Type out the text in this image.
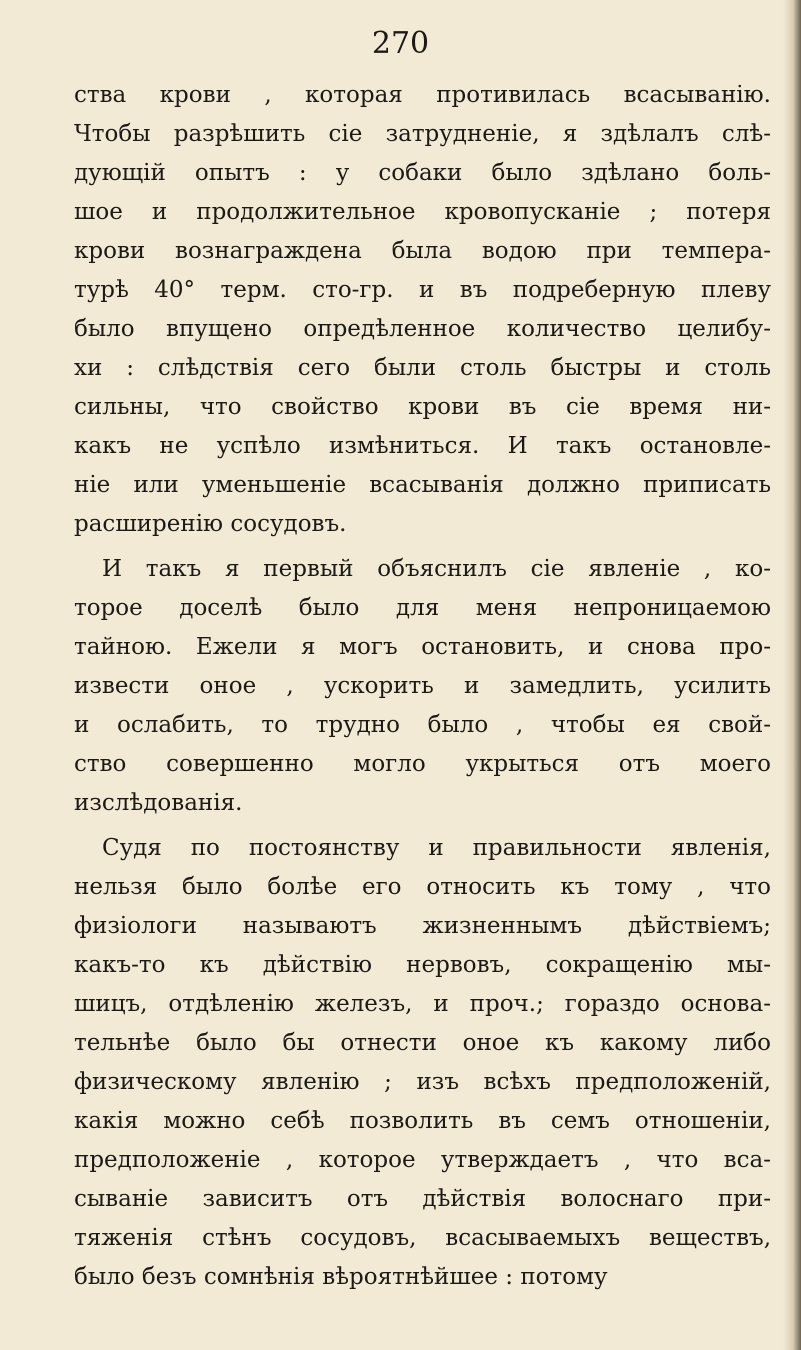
270
ства крови , которая противилась всасыванію.
Чтобы разрѣшить сіе затрудненіе, я здѣлалъ слѣ-
дующій опытъ : у собаки было здѣлано боль-
шое и продолжительное кровопусканіе ; потеря
крови вознаграждена была водою при темпера-
турѣ 40° терм. сто-гр. и въ подреберную плеву
было впущено опредѣленное количество целибу-
хи : слѣдствія сего были столь быстры и столь
сильны, что свойство крови въ сіе время ни-
какъ не успѣло измѣниться. И такъ остановле-
ніе или уменьшеніе всасыванія должно приписать
расширенію сосудовъ.
И такъ я первый объяснилъ сіе явленіе , ко-
торое доселѣ было для меня непроницаемою
тайною. Ежели я могъ остановить, и снова про-
извести оное , ускорить и замедлить, усилить
и ослабить, то трудно было , чтобы ея свой-
ство совершенно могло укрыться отъ моего
изслѣдованія.
Судя по постоянству и правильности явленія,
нельзя было болѣе его относить къ тому , что
физіологи называютъ жизненнымъ дѣйствіемъ;
какъ-то къ дѣйствію нервовъ, сокращенію мы-
шицъ, отдѣленію железъ, и проч.; гораздо основа-
тельнѣе было бы отнести оное къ какому либо
физическому явленію ; изъ всѣхъ предположеній,
какія можно себѣ позволить въ семъ отношеніи,
предположеніе , которое утверждаетъ , что вса-
сываніе зависитъ отъ дѣйствія волоснаго при-
тяженія стѣнъ сосудовъ, всасываемыхъ веществъ,
было безъ сомнѣнія вѣроятнѣйшее : потому
